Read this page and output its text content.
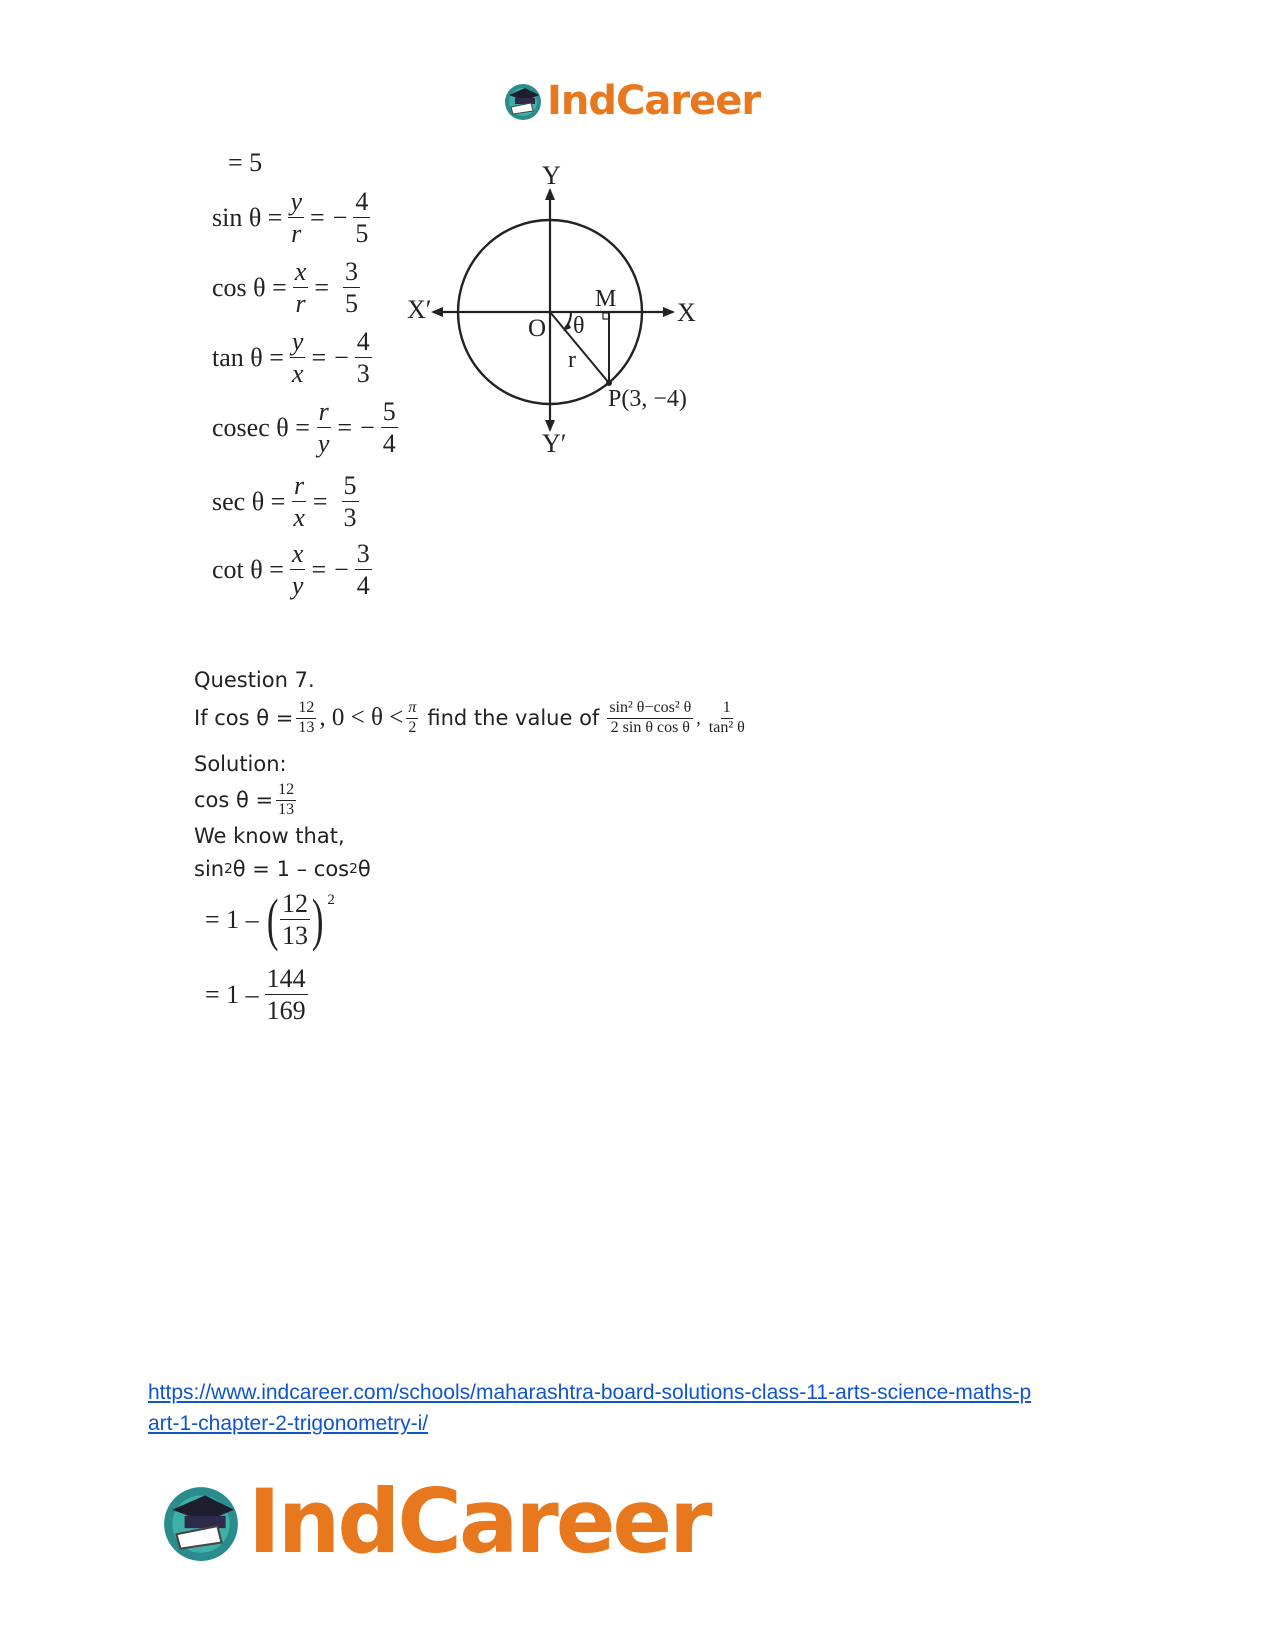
IndCareer
= 5
$\sin \theta = \frac{y}{r}$ = − $\frac{4}{5}$
$\cos \theta = \frac{x}{r} = \frac{3}{5}$
$\tan \theta = \frac{y}{x}$ = − $\frac{4}{3}$
cosec $\theta = \frac{r}{y}$ = − $\frac{5}{4}$
$\sec \theta = \frac{r}{x} = \frac{5}{3}$
$\cot \theta = \frac{x}{y}$ = − $\frac{3}{4}$
Y
Y′
X
X′
O
M
θ
r
P(3, −4)
Question 7.
If $\cos \theta = \frac{12}{13}$ , $0 < \theta < \frac{\pi}{2}$ find the value of $\frac{\text{sin² θ−cos² θ}}{\text{2 sin θ cos θ}}$ , $\frac{1}{\text{tan² θ}}$
Solution:
$\cos \theta = \frac{12}{13}$
We know that,
sin 2 θ = 1 – cos 2 θ
= 1 – ( $\frac{12}{13}$ ) 2
= $1 - \frac{144}{169}$
https://www.indcareer.com/schools/maharashtra-board-solutions-class-11-arts-science-maths-p
art-1-chapter-2-trigonometry-i/
IndCareer
